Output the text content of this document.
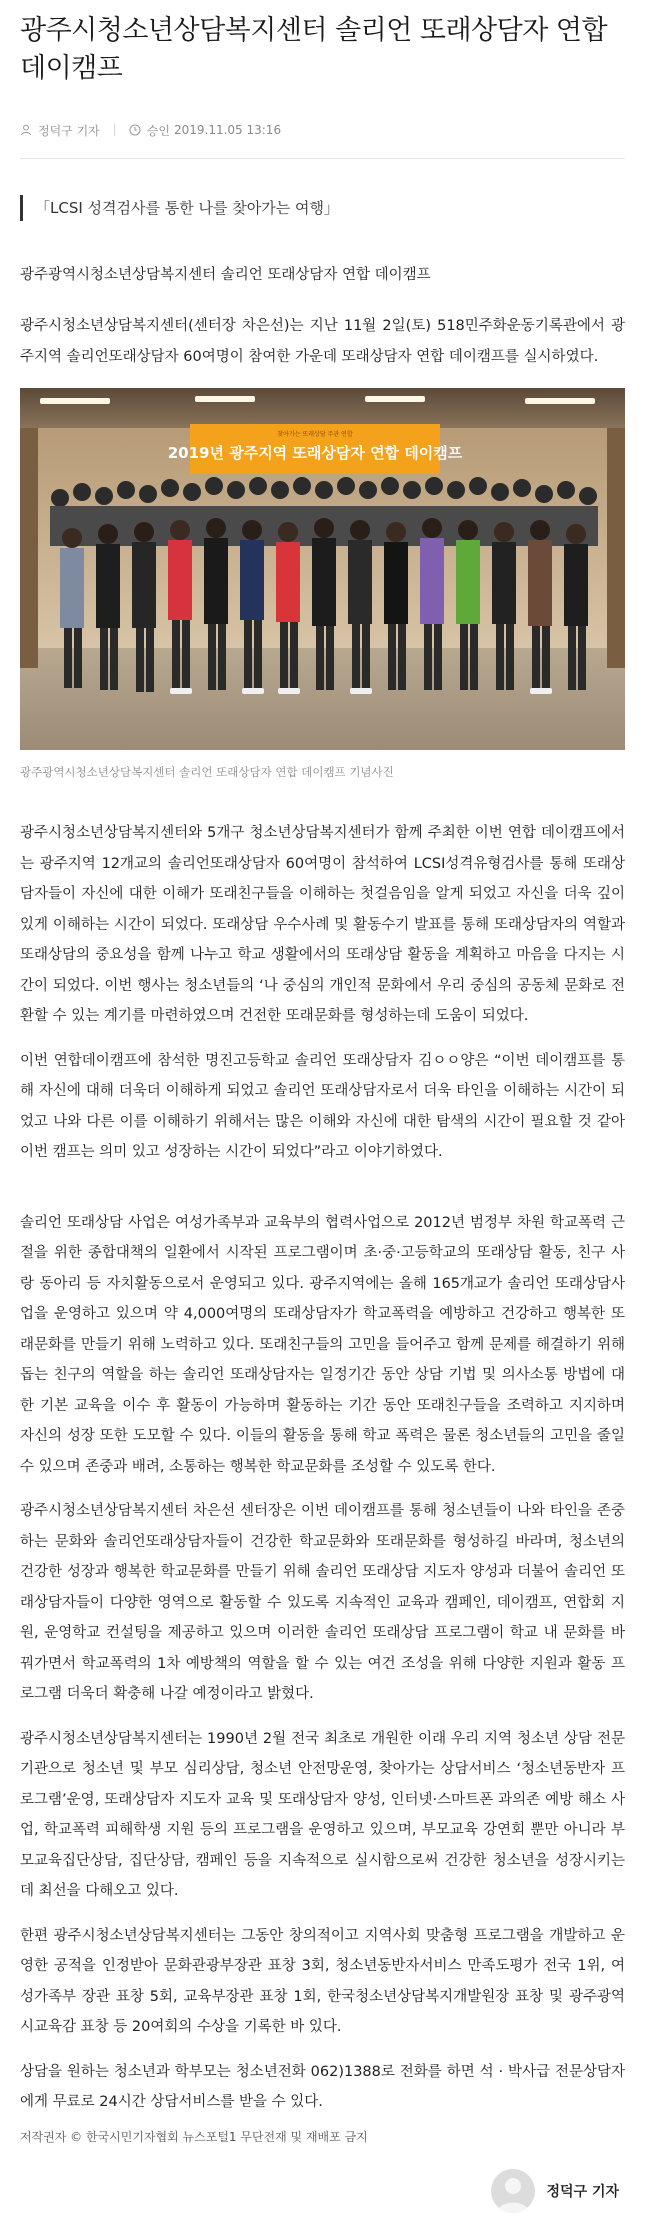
광주시청소년상담복지센터 솔리언 또래상담자 연합 데이캠프
정덕구 기자	승인 2019.11.05 13:16
「LCSI 성격검사를 통한 나를 찾아가는 여행」
광주광역시청소년상담복지센터 솔리언 또래상담자 연합 데이캠프

광주시청소년상담복지센터(센터장 차은선)는 지난 11월 2일(토) 518민주화운동기록관에서 광주지역 솔리언또래상담자 60여명이 참여한 가운데 또래상담자 연합 데이캠프를 실시하였다.

찾아가는 또래상담 주관 연합
2019년 광주지역 또래상담자 연합 데이캠프
광주광역시청소년상담복지센터 솔리언 또래상담자 연합 데이캠프 기념사진

광주시청소년상담복지센터와 5개구 청소년상담복지센터가 함께 주최한 이번 연합 데이캠프에서는 광주지역 12개교의 솔리언또래상담자 60여명이 참석하여 LCSI성격유형검사를 통해 또래상담자들이 자신에 대한 이해가 또래친구들을 이해하는 첫걸음임을 알게 되었고 자신을 더욱 깊이있게 이해하는 시간이 되었다. 또래상담 우수사례 및 활동수기 발표를 통해 또래상담자의 역할과 또래상담의 중요성을 함께 나누고 학교 생활에서의 또래상담 활동을 계획하고 마음을 다지는 시간이 되었다. 이번 행사는 청소년들의 ‘나 중심의 개인적 문화에서 우리 중심의 공동체 문화로 전환할 수 있는 계기를 마련하였으며 건전한 또래문화를 형성하는데 도움이 되었다.

이번 연합데이캠프에 참석한 명진고등학교 솔리언 또래상담자 김ㅇㅇ양은 “이번 데이캠프를 통해 자신에 대해 더욱더 이해하게 되었고 솔리언 또래상담자로서 더욱 타인을 이해하는 시간이 되었고 나와 다른 이를 이해하기 위해서는 많은 이해와 자신에 대한 탐색의 시간이 필요할 것 같아 이번 캠프는 의미 있고 성장하는 시간이 되었다”라고 이야기하였다.

솔리언 또래상담 사업은 여성가족부과 교육부의 협력사업으로 2012년 범정부 차원 학교폭력 근절을 위한 종합대책의 일환에서 시작된 프로그램이며 초·중·고등학교의 또래상담 활동, 친구 사랑 동아리 등 자치활동으로서 운영되고 있다. 광주지역에는 올해 165개교가 솔리언 또래상담사업을 운영하고 있으며 약 4,000여명의 또래상담자가 학교폭력을 예방하고 건강하고 행복한 또래문화를 만들기 위해 노력하고 있다. 또래친구들의 고민을 들어주고 함께 문제를 해결하기 위해 돕는 친구의 역할을 하는 솔리언 또래상담자는 일정기간 동안 상담 기법 및 의사소통 방법에 대한 기본 교육을 이수 후 활동이 가능하며 활동하는 기간 동안 또래친구들을 조력하고 지지하며 자신의 성장 또한 도모할 수 있다. 이들의 활동을 통해 학교 폭력은 물론 청소년들의 고민을 줄일 수 있으며 존중과 배려, 소통하는 행복한 학교문화를 조성할 수 있도록 한다.

광주시청소년상담복지센터 차은선 센터장은 이번 데이캠프를 통해 청소년들이 나와 타인을 존중하는 문화와 솔리언또래상담자들이 건강한 학교문화와 또래문화를 형성하길 바라며, 청소년의 건강한 성장과 행복한 학교문화를 만들기 위해 솔리언 또래상담 지도자 양성과 더불어 솔리언 또래상담자들이 다양한 영역으로 활동할 수 있도록 지속적인 교육과 캠페인, 데이캠프, 연합회 지원, 운영학교 컨설팅을 제공하고 있으며 이러한 솔리언 또래상담 프로그램이 학교 내 문화를 바꿔가면서 학교폭력의 1차 예방책의 역할을 할 수 있는 여건 조성을 위해 다양한 지원과 활동 프로그램 더욱더 확충해 나갈 예정이라고 밝혔다.

광주시청소년상담복지센터는 1990년 2월 전국 최초로 개원한 이래 우리 지역 청소년 상담 전문기관으로 청소년 및 부모 심리상담, 청소년 안전망운영, 찾아가는 상담서비스 ‘청소년동반자 프로그램’운영, 또래상담자 지도자 교육 및 또래상담자 양성, 인터넷·스마트폰 과의존 예방 해소 사업, 학교폭력 피해학생 지원 등의 프로그램을 운영하고 있으며, 부모교육 강연회 뿐만 아니라 부모교육집단상담, 집단상담, 캠페인 등을 지속적으로 실시함으로써 건강한 청소년을 성장시키는 데 최선을 다해오고 있다.

한편 광주시청소년상담복지센터는 그동안 창의적이고 지역사회 맞춤형 프로그램을 개발하고 운영한 공적을 인정받아 문화관광부장관 표창 3회, 청소년동반자서비스 만족도평가 전국 1위, 여성가족부 장관 표창 5회, 교육부장관 표창 1회, 한국청소년상담복지개발원장 표창 및 광주광역시교육감 표창 등 20여회의 수상을 기록한 바 있다.

상담을 원하는 청소년과 학부모는 청소년전화 062)1388로 전화를 하면 석 · 박사급 전문상담자에게 무료로 24시간 상담서비스를 받을 수 있다.

저작권자 © 한국시민기자협회 뉴스포털1 무단전재 및 재배포 금지
정덕구 기자
